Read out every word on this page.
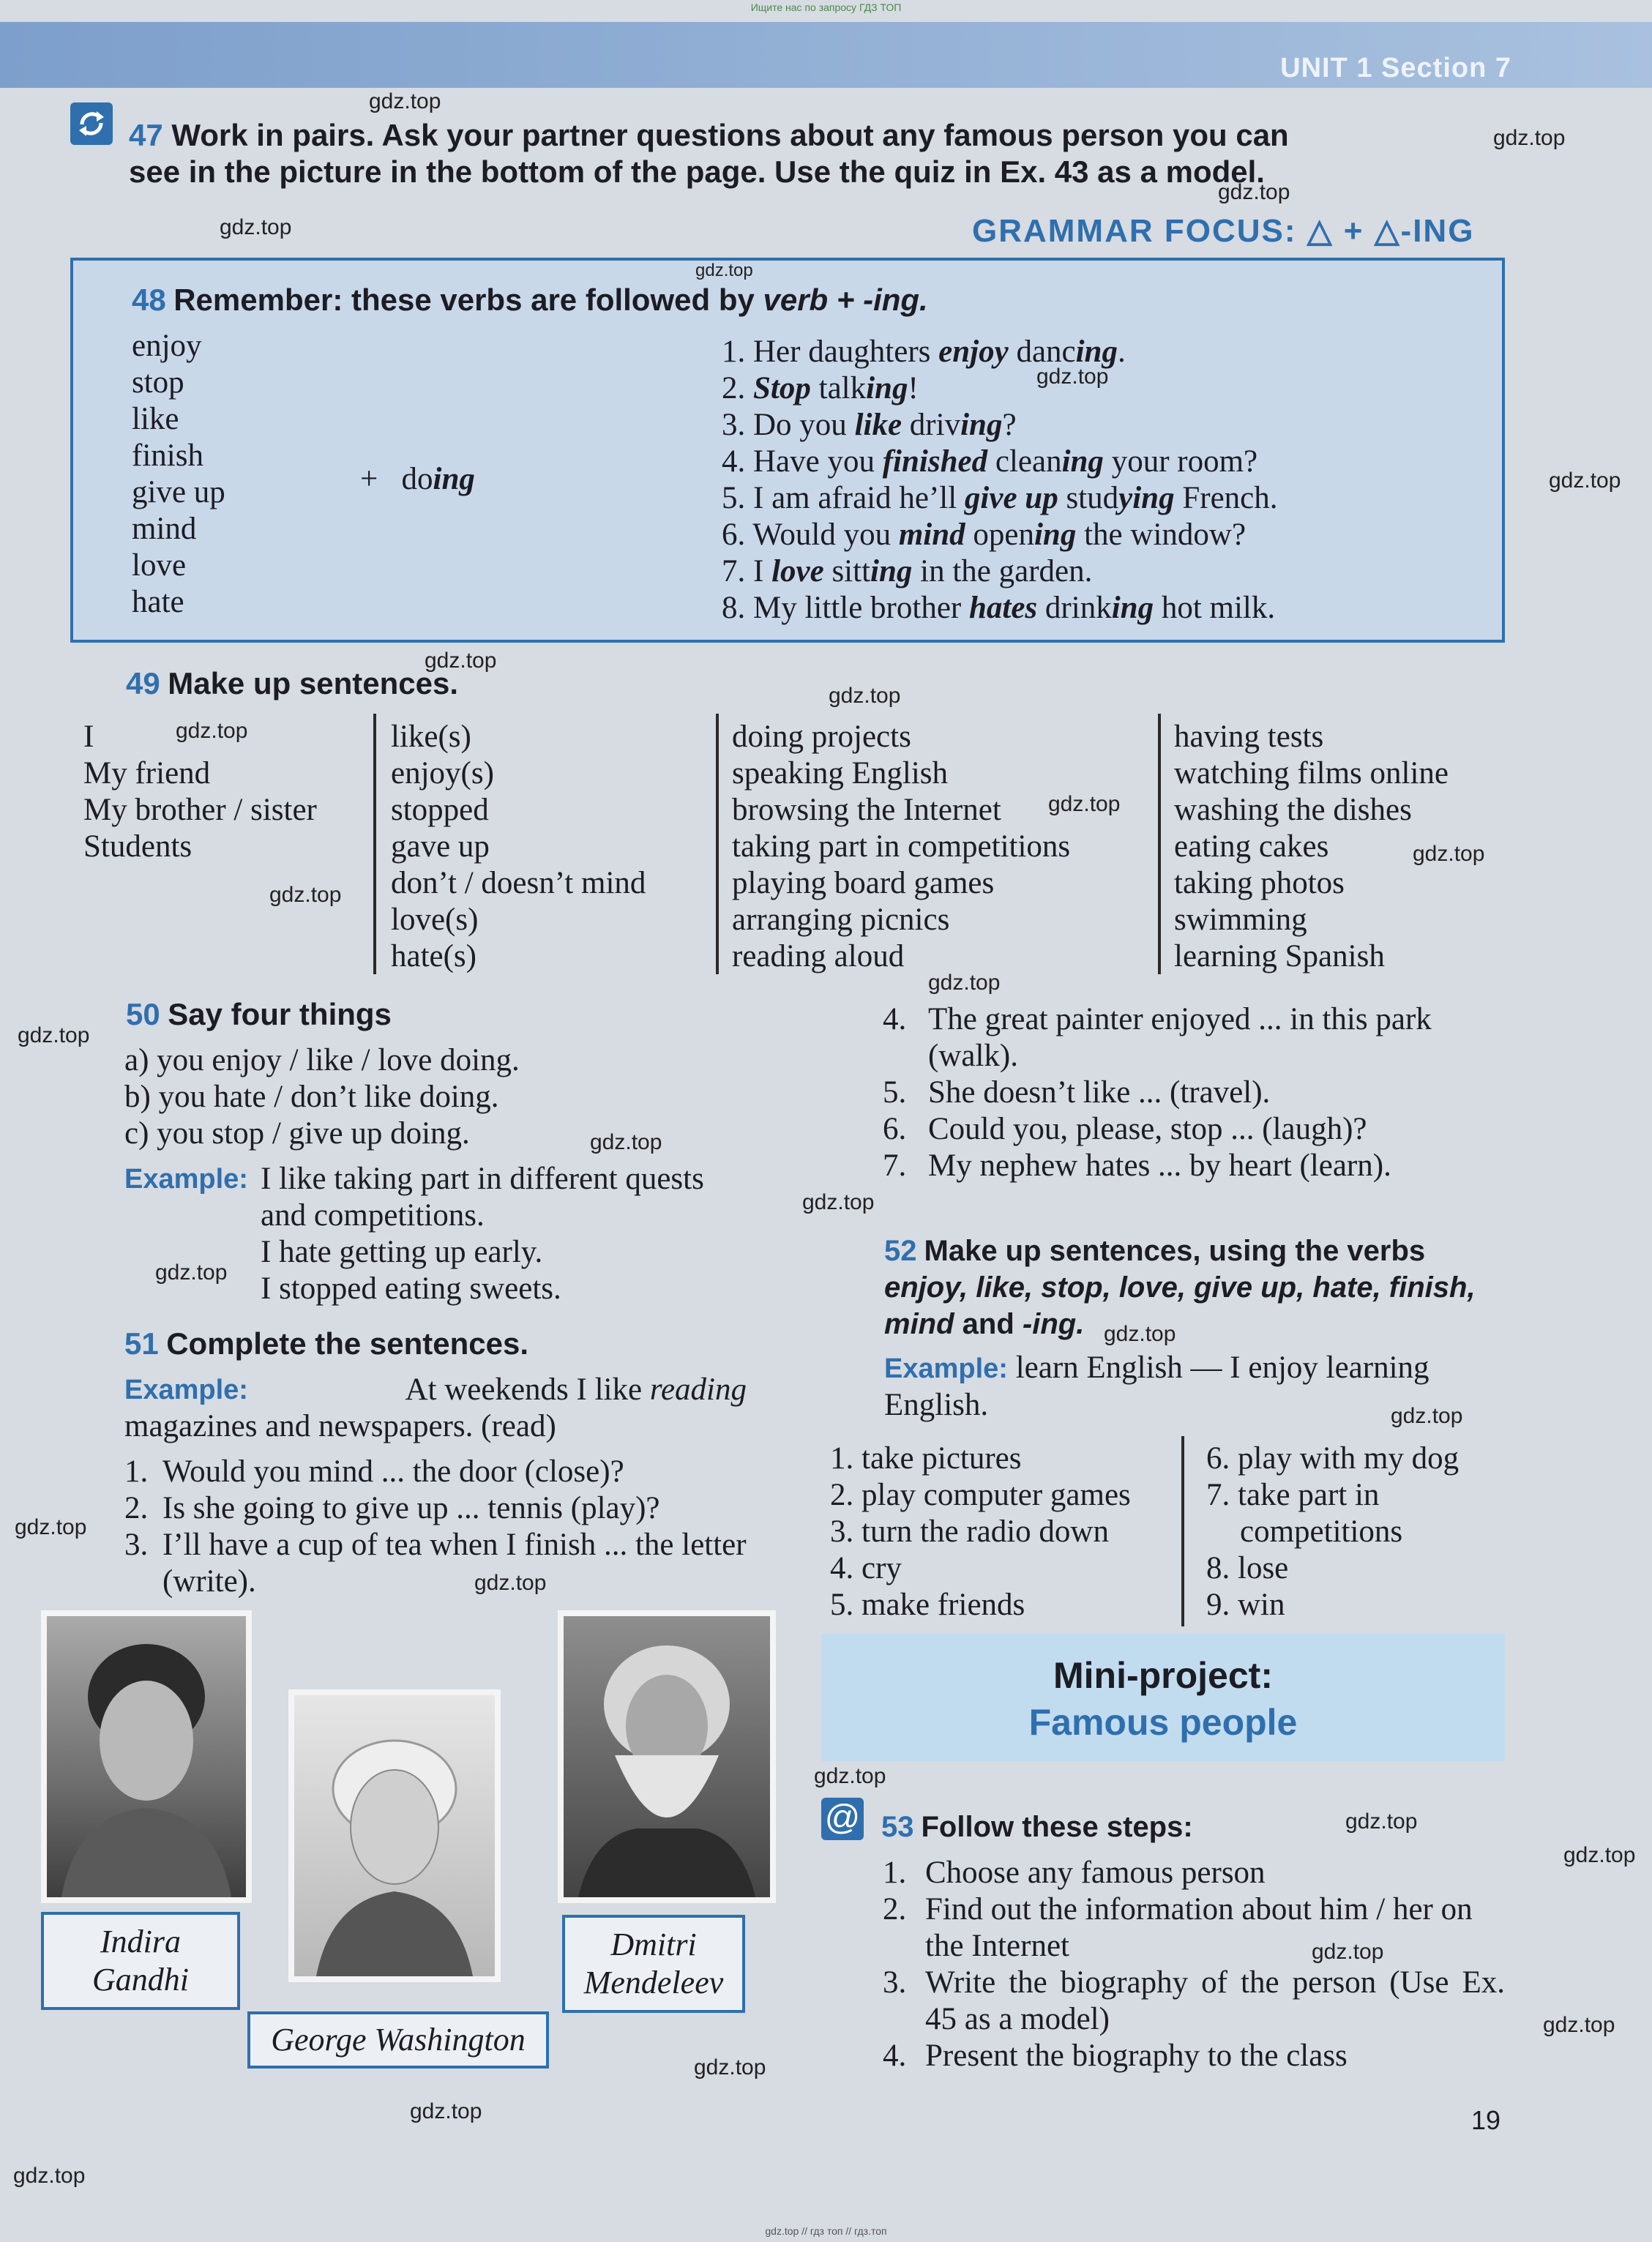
Ищите нас по запросу ГДЗ ТОП
UNIT 1 Section 7
47 Work in pairs. Ask your partner questions about any famous person you can see in the picture in the bottom of the page. Use the quiz in Ex. 43 as a model.
GRAMMAR FOCUS: △ + △-ING
48 Remember: these verbs are followed by verb + -ing.
enjoy
stop
like
finish
give up
mind
love
hate
+ doing
1. Her daughters enjoy dancing.
2. Stop talking!
3. Do you like driving?
4. Have you finished cleaning your room?
5. I am afraid he’ll give up studying French.
6. Would you mind opening the window?
7. I love sitting in the garden.
8. My little brother hates drinking hot milk.
49 Make up sentences.
I
My friend
My brother / sister
Students
like(s)
enjoy(s)
stopped
gave up
don’t / doesn’t mind
love(s)
hate(s)
doing projects
speaking English
browsing the Internet
taking part in competitions
playing board games
arranging picnics
reading aloud
having tests
watching films online
washing the dishes
eating cakes
taking photos
swimming
learning Spanish
50 Say four things
a) you enjoy / like / love doing.
b) you hate / don’t like doing.
c) you stop / give up doing.
Example: I like taking part in different quests
and competitions.
I hate getting up early.
I stopped eating sweets.
51 Complete the sentences.
Example:	At weekends I like reading
magazines and newspapers. (read)
1. Would you mind ... the door (close)?
2. Is she going to give up ... tennis (play)?
3. I’ll have a cup of tea when I finish ... the letter (write).
4. The great painter enjoyed ... in this park (walk).
5. She doesn’t like ... (travel).
6. Could you, please, stop ... (laugh)?
7. My nephew hates ... by heart (learn).
52 Make up sentences, using the verbs enjoy, like, stop, love, give up, hate, finish, mind and -ing.
Example: learn English — I enjoy learning English.
1. take pictures
2. play computer games
3. turn the radio down
4. cry
5. make friends
6. play with my dog
7. take part in
competitions
8. lose
9. win
Mini-project:
Famous people
@ 53 Follow these steps:
1. Choose any famous person
2. Find out the information about him / her on the Internet
3. Write the biography of the person (Use Ex. 45 as a model)
4. Present the biography to the class
Indira
Gandhi
George Washington
Dmitri
Mendeleev
19
gdz.top // гдз топ // гдз.топ
gdz.top
gdz.top
gdz.top
gdz.top
gdz.top
gdz.top
gdz.top
gdz.top
gdz.top
gdz.top
gdz.top
gdz.top
gdz.top
gdz.top
gdz.top
gdz.top
gdz.top
gdz.top
gdz.top
gdz.top
gdz.top
gdz.top
gdz.top
gdz.top
gdz.top
gdz.top
gdz.top
gdz.top
gdz.top
gdz.top
